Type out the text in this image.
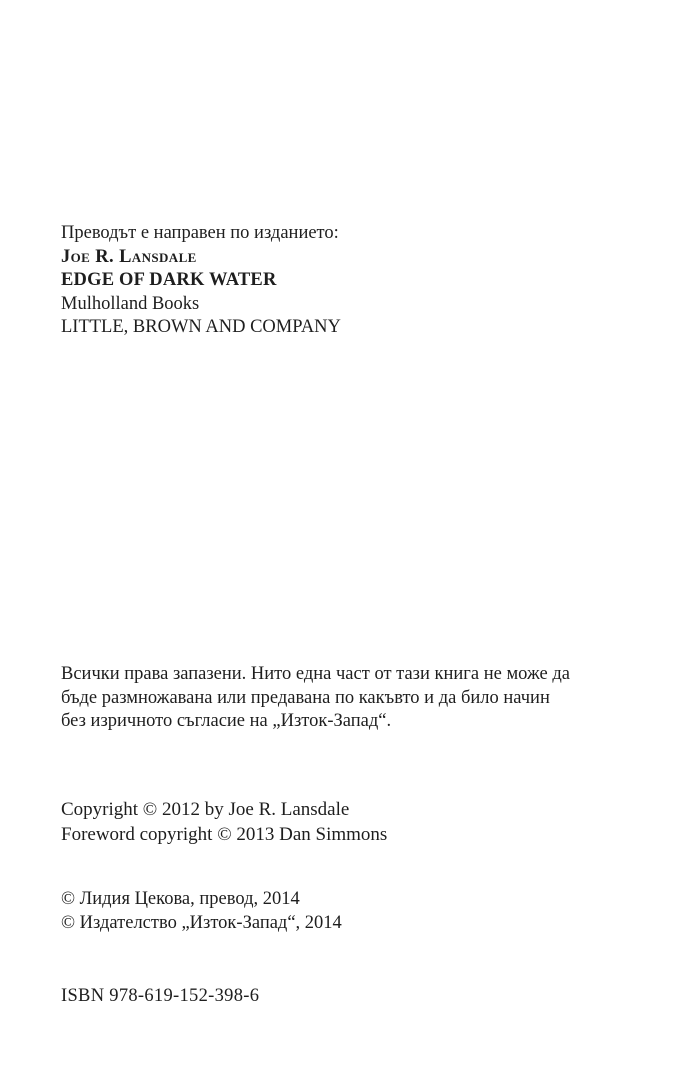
Преводът е направен по изданието:
Joe R. Lansdale
EDGE OF DARK WATER
Mulholland Books
LITTLE, BROWN AND COMPANY
Всички права запазени. Нито една част от тази книга не може да
бъде размножавана или предавана по какъвто и да било начин
без изричното съгласие на „Изток-Запад“.
Copyright © 2012 by Joe R. Lansdale
Foreword copyright © 2013 Dan Simmons
© Лидия Цекова, превод, 2014
© Издателство „Изток-Запад“, 2014
ISBN 978-619-152-398-6
